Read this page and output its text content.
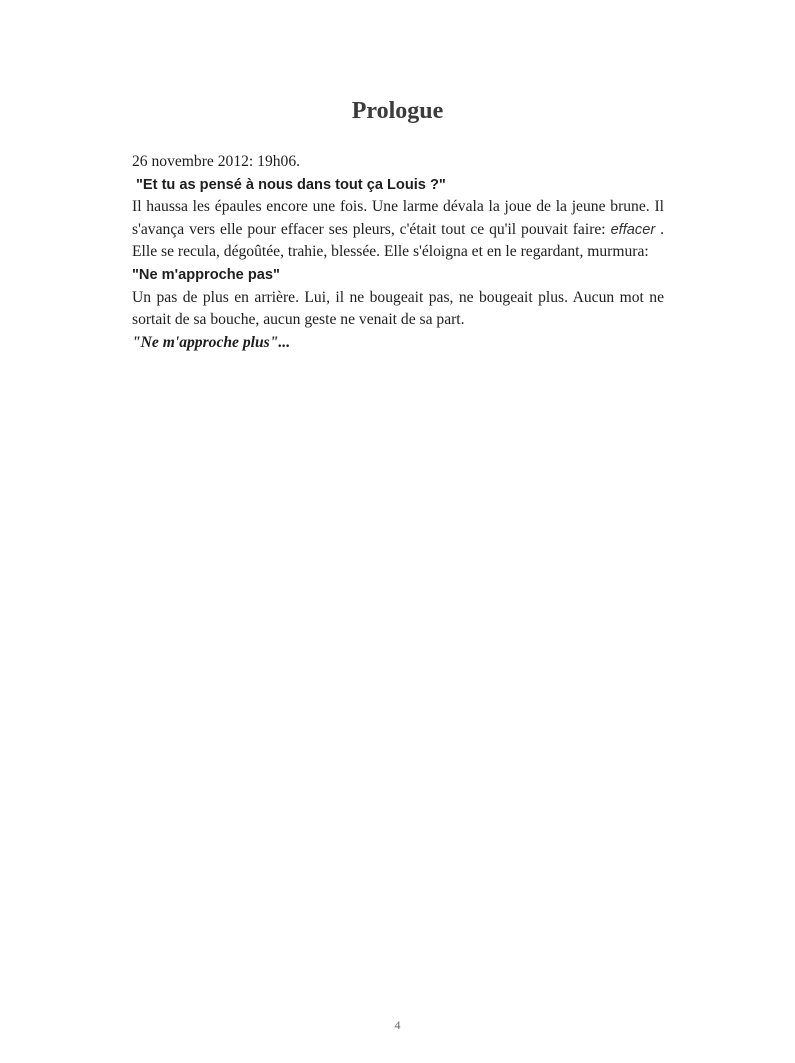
Prologue

26 novembre 2012: 19h06.

"Et tu as pensé à nous dans tout ça Louis ?"

Il haussa les épaules encore une fois. Une larme dévala la joue de la jeune brune. Il s'avança vers elle pour effacer ses pleurs, c'était tout ce qu'il pouvait faire: effacer . Elle se recula, dégoûtée, trahie, blessée. Elle s'éloigna et en le regardant, murmura:

"Ne m'approche pas"

Un pas de plus en arrière. Lui, il ne bougeait pas, ne bougeait plus. Aucun mot ne sortait de sa bouche, aucun geste ne venait de sa part.

"Ne m'approche plus"...

4
